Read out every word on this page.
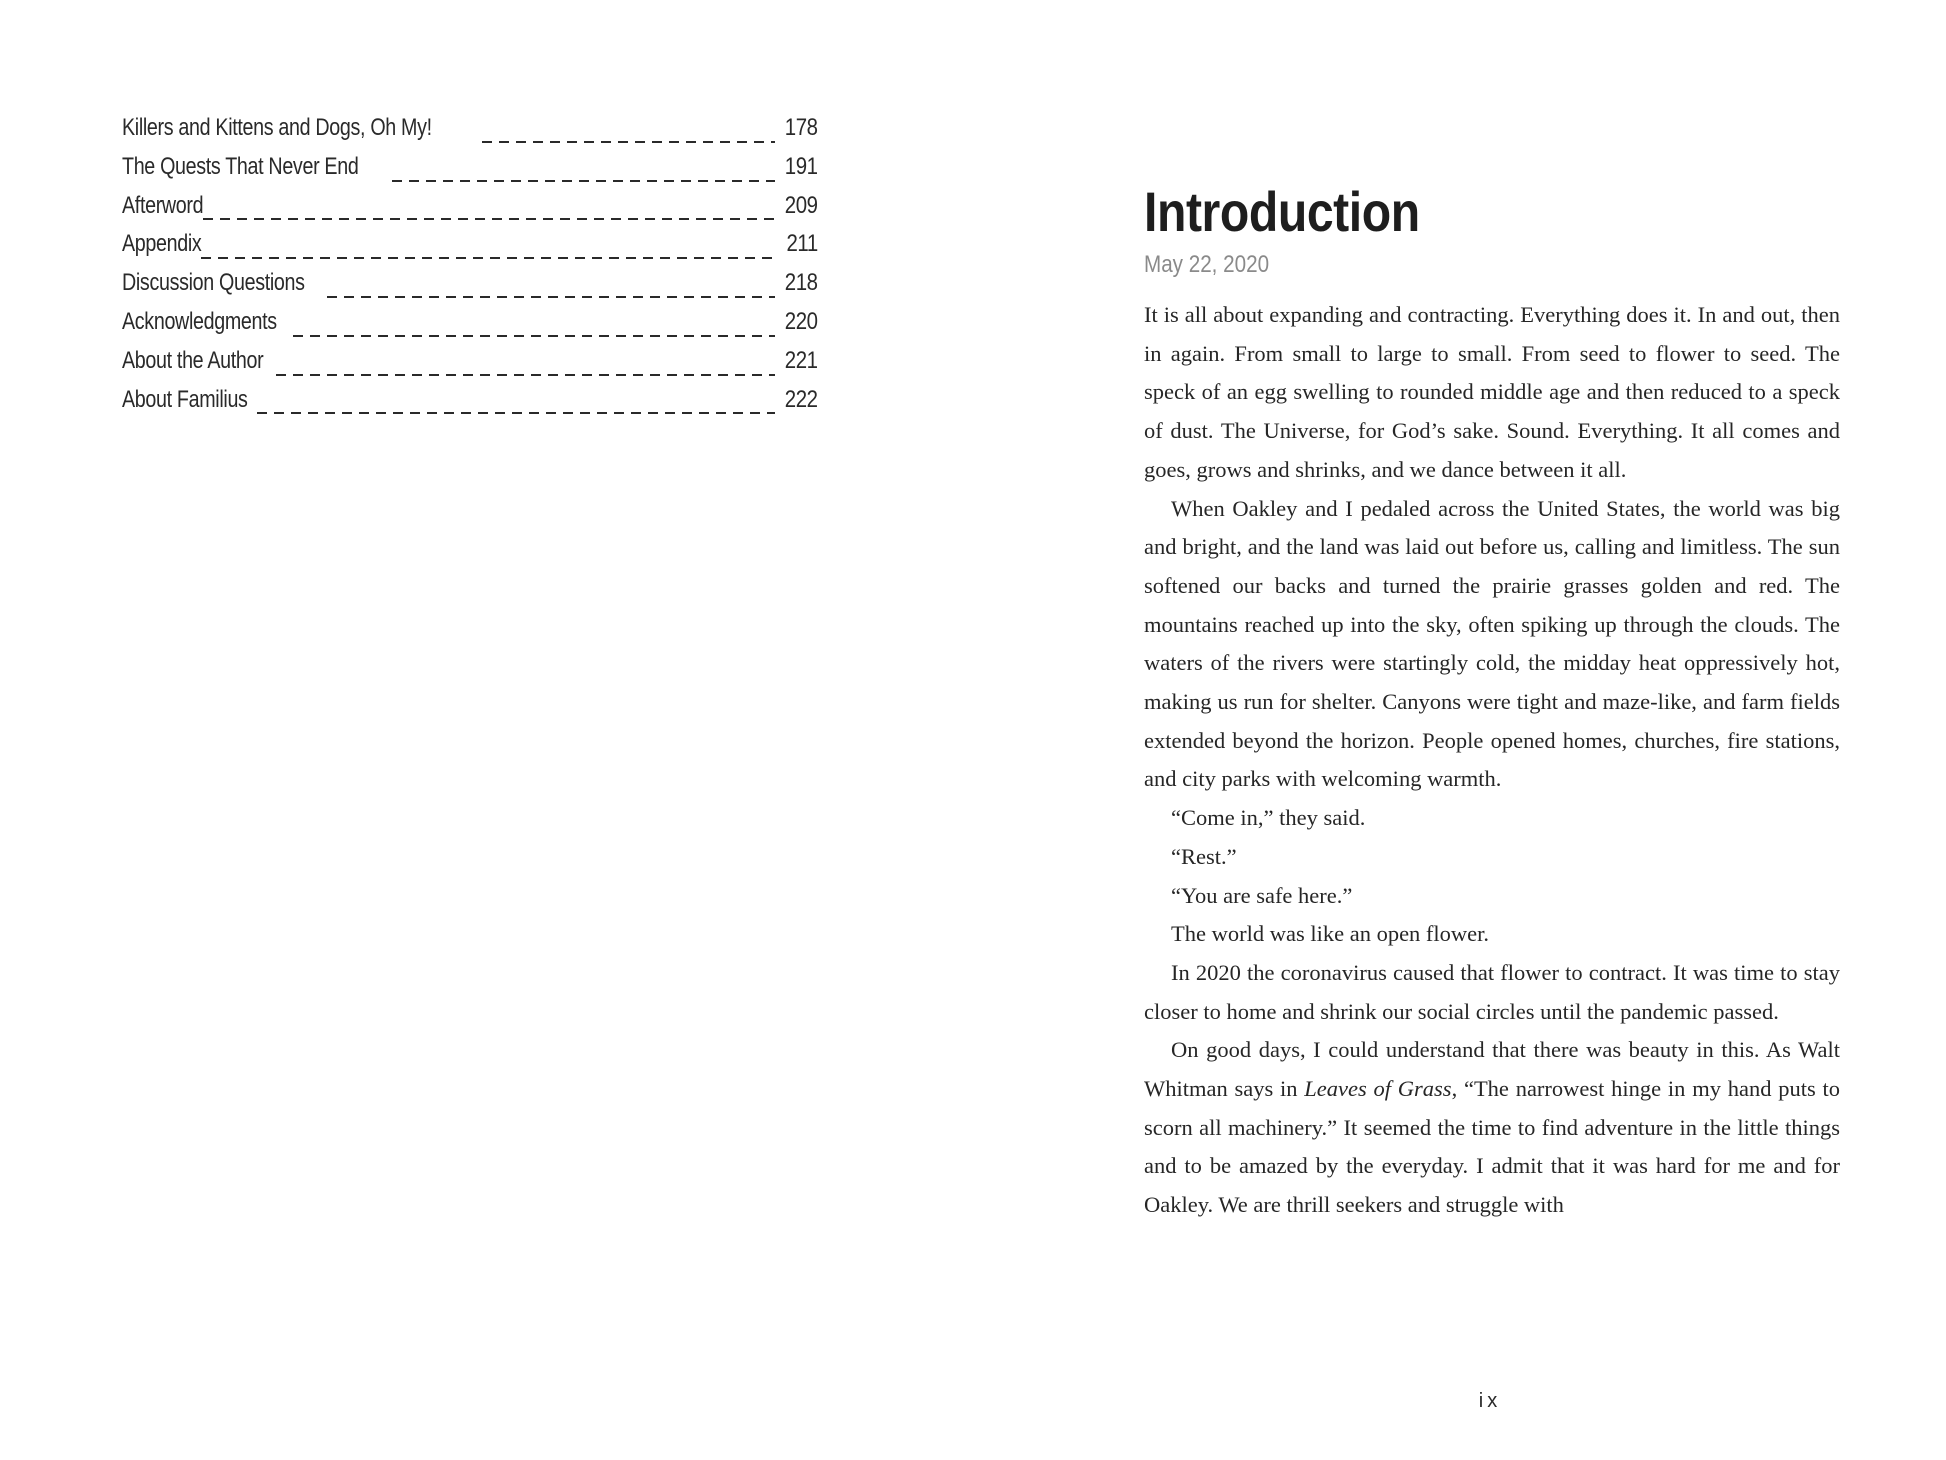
Killers and Kittens and Dogs, Oh My!	178
The Quests That Never End	191
Afterword	209
Appendix	211
Discussion Questions	218
Acknowledgments	220
About the Author	221
About Familius	222
Introduction
May 22, 2020

It is all about expanding and contracting. Everything does it. In and out, then in again. From small to large to small. From seed to flower to seed. The speck of an egg swelling to rounded middle age and then reduced to a speck of dust. The Universe, for God’s sake. Sound. Everything. It all comes and goes, grows and shrinks, and we dance between it all.

When Oakley and I pedaled across the United States, the world was big and bright, and the land was laid out before us, calling and limitless. The sun softened our backs and turned the prairie grasses golden and red. The mountains reached up into the sky, often spiking up through the clouds. The waters of the rivers were startingly cold, the midday heat oppressively hot, making us run for shelter. Canyons were tight and maze-like, and farm fields extended beyond the horizon. People opened homes, churches, fire stations, and city parks with welcoming warmth.

“Come in,” they said.

“Rest.”

“You are safe here.”

The world was like an open flower.

In 2020 the coronavirus caused that flower to contract. It was time to stay closer to home and shrink our social circles until the pandemic passed.

On good days, I could understand that there was beauty in this. As Walt Whitman says in Leaves of Grass, “The narrowest hinge in my hand puts to scorn all machinery.” It seemed the time to find adventure in the little things and to be amazed by the everyday. I admit that it was hard for me and for Oakley. We are thrill seekers and struggle with

ix
